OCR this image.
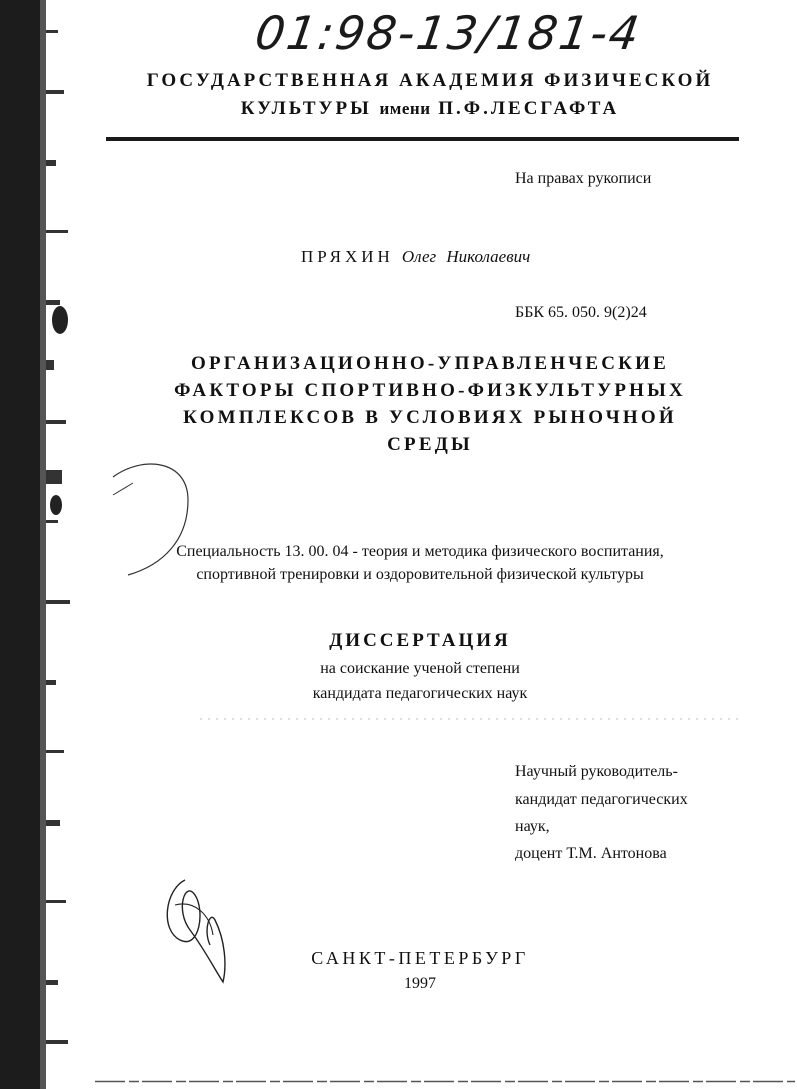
01:98-13/181-4
ГОСУДАРСТВЕННАЯ АКАДЕМИЯ ФИЗИЧЕСКОЙ
КУЛЬТУРЫ имени П.Ф.ЛЕСГАФТА
На правах рукописи
ПРЯХИН Олег Николаевич
ББК 65. 050. 9(2)24
ОРГАНИЗАЦИОННО-УПРАВЛЕНЧЕСКИЕ
ФАКТОРЫ СПОРТИВНО-ФИЗКУЛЬТУРНЫХ
КОМПЛЕКСОВ В УСЛОВИЯХ РЫНОЧНОЙ
СРЕДЫ
Специальность 13. 00. 04 - теория и методика физического воспитания,
спортивной тренировки и оздоровительной физической культуры
ДИССЕРТАЦИЯ
на соискание ученой степени
кандидата педагогических наук
Научный руководитель-
кандидат педагогических
наук,
доцент Т.М. Антонова
САНКТ-ПЕТЕРБУРГ
1997
